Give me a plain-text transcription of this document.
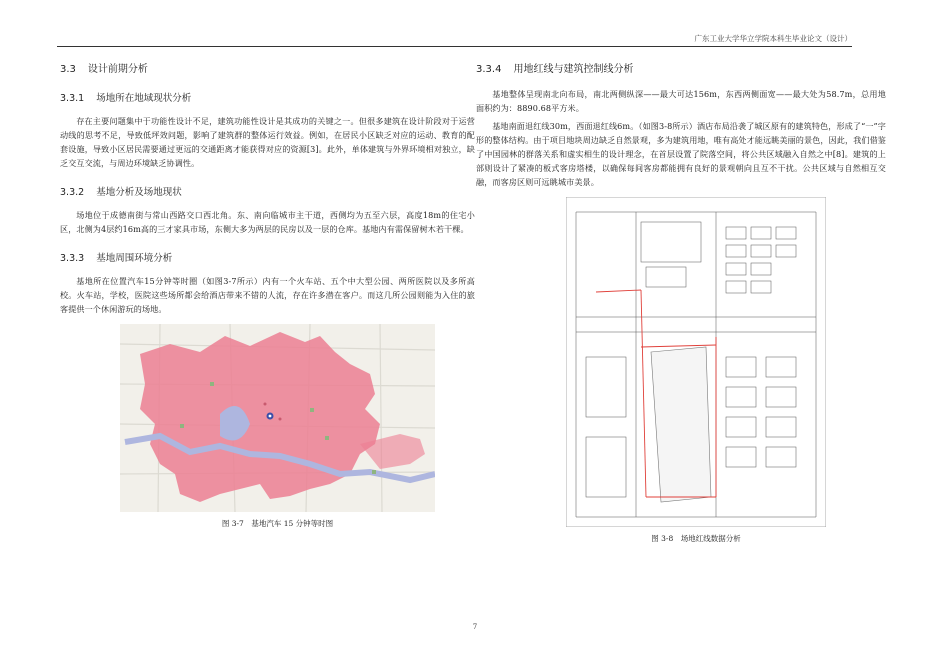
广东工业大学华立学院本科生毕业论文（设计）
3.3 设计前期分析
3.3.1 场地所在地域现状分析

存在主要问题集中于功能性设计不足，建筑功能性设计是其成功的关键之一。但很多建筑在设计阶段对于运营动线的思考不足，导致低坪效问题，影响了建筑群的整体运行效益。例如，在居民小区缺乏对应的运动、教育的配套设施，导致小区居民需要通过更远的交通距离才能获得对应的资源[3]。此外，单体建筑与外界环境相对独立，缺乏交互交流，与周边环境缺乏协调性。

3.3.2 基地分析及场地现状

场地位于成德南街与常山西路交口西北角。东、南向临城市主干道，西侧均为五至六层，高度18m的住宅小区，北侧为4层约16m高的三才家具市场，东侧大多为两层的民房以及一层的仓库。基地内有需保留树木若干棵。

3.3.3 基地周围环境分析

基地所在位置汽车15分钟等时圈（如图3-7所示）内有一个火车站、五个中大型公园、两所医院以及多所高校。火车站，学校，医院这些场所都会给酒店带来不错的人流，存在许多潜在客户。而这几所公园则能为入住的旅客提供一个休闲游玩的场地。

图 3-7　基地汽车 15 分钟等时图
3.3.4 用地红线与建筑控制线分析

基地整体呈现南北向布局，南北两侧纵深——最大可达156m，东西两侧面宽——最大处为58.7m，总用地面积约为：8890.68平方米。

基地南面退红线30m，西面退红线6m。（如图3-8所示）酒店布局沿袭了城区原有的建筑特色，形成了“一”字形的整体结构。由于项目地块周边缺乏自然景观，多为建筑用地，唯有高处才能远眺美丽的景色，因此，我们借鉴了中国园林的群落关系和虚实相生的设计理念，在首层设置了院落空间，将公共区域融入自然之中[8]。建筑的上部则设计了紧凑的板式客房塔楼，以确保每间客房都能拥有良好的景观朝向且互不干扰。公共区域与自然相互交融，而客房区则可远眺城市美景。

图 3-8　场地红线数据分析
7
